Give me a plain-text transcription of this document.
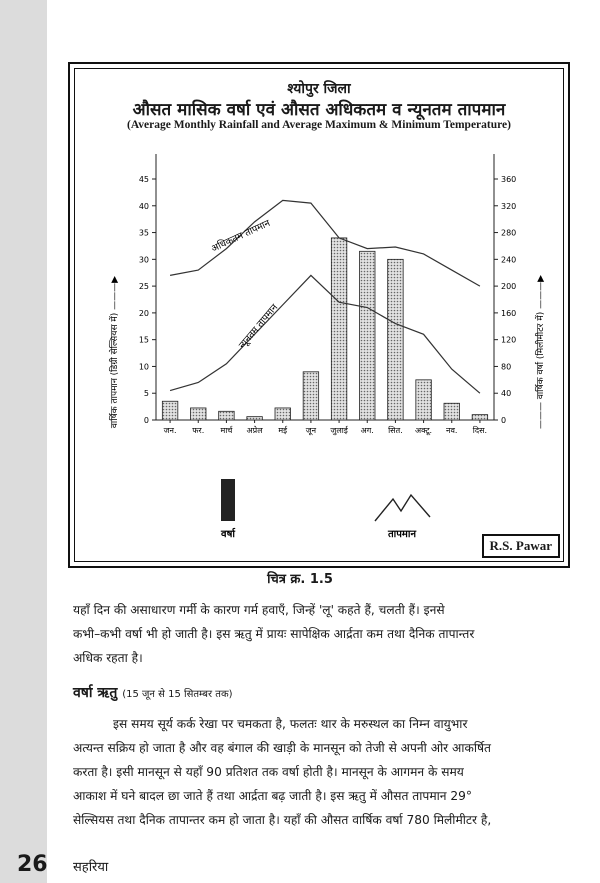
श्योपुर जिला
औसत मासिक वर्षा एवं औसत अधिकतम व न्यूनतम तापमान
(Average Monthly Rainfall and Average Maximum & Minimum Temperature)
0
5
10
15
20
25
30
35
40
45
0
40
80
120
160
200
240
280
320
360
जन. फर. मार्च अप्रेल मई जून जुलाई अग. सित. अक्टू. नव. दिस.
अधिकतम तापमान
न्यूनतम तापमान
वार्षिक तापमान (डिग्री सेल्सियस में) ———▶	——— वार्षिक वर्षा (मिलीमीटर में) ———▶
वर्षा	तापमान
R.S. Pawar
चित्र क्र. 1.5
यहाँ दिन की असाधारण गर्मी के कारण गर्म हवाएँ, जिन्हें 'लू' कहते हैं, चलती हैं। इनसे
कभी–कभी वर्षा भी हो जाती है। इस ऋतु में प्रायः सापेक्षिक आर्द्रता कम तथा दैनिक तापान्तर
अधिक रहता है।
वर्षा ऋतु (15 जून से 15 सितम्बर तक)
इस समय सूर्य कर्क रेखा पर चमकता है, फलतः थार के मरुस्थल का निम्न वायुभार
अत्यन्त सक्रिय हो जाता है और वह बंगाल की खाड़ी के मानसून को तेजी से अपनी ओर आकर्षित
करता है। इसी मानसून से यहाँ 90 प्रतिशत तक वर्षा होती है। मानसून के आगमन के समय
आकाश में घने बादल छा जाते हैं तथा आर्द्रता बढ़ जाती है। इस ऋतु में औसत तापमान 29°
सेल्सियस तथा दैनिक तापान्तर कम हो जाता है। यहाँ की औसत वार्षिक वर्षा 780 मिलीमीटर है,
26 सहरिया
